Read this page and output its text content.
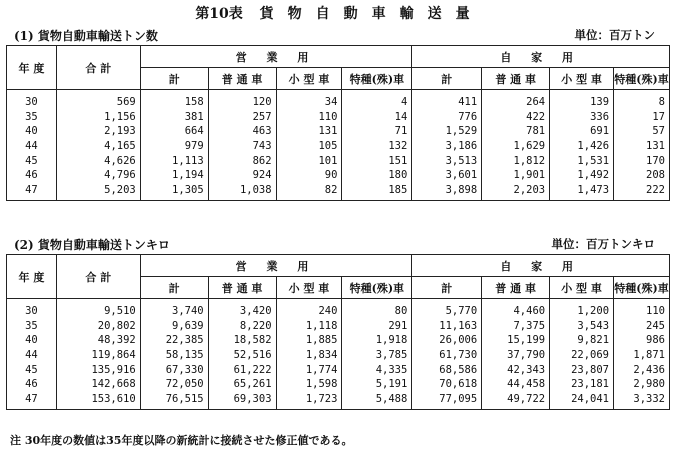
第10表 貨物自動車輸送量
(1) 貨物自動車輸送トン数	単位：百万トン
年 度	合 計	営 業 用				自 家 用			
		計	普 通 車	小 型 車	特種(殊)車	計	普 通 車	小 型 車	特種(殊)車
30	569	158	120	34	4	411	264	139	8
35	1,156	381	257	110	14	776	422	336	17
40	2,193	664	463	131	71	1,529	781	691	57
44	4,165	979	743	105	132	3,186	1,629	1,426	131
45	4,626	1,113	862	101	151	3,513	1,812	1,531	170
46	4,796	1,194	924	90	180	3,601	1,901	1,492	208
47	5,203	1,305	1,038	82	185	3,898	2,203	1,473	222
(2) 貨物自動車輸送トンキロ	単位：百万トンキロ
年 度	合 計	営 業 用				自 家 用			
		計	普 通 車	小 型 車	特種(殊)車	計	普 通 車	小 型 車	特種(殊)車
30	9,510	3,740	3,420	240	80	5,770	4,460	1,200	110
35	20,802	9,639	8,220	1,118	291	11,163	7,375	3,543	245
40	48,392	22,385	18,582	1,885	1,918	26,006	15,199	9,821	986
44	119,864	58,135	52,516	1,834	3,785	61,730	37,790	22,069	1,871
45	135,916	67,330	61,222	1,774	4,335	68,586	42,343	23,807	2,436
46	142,668	72,050	65,261	1,598	5,191	70,618	44,458	23,181	2,980
47	153,610	76,515	69,303	1,723	5,488	77,095	49,722	24,041	3,332
注 30年度の数値は35年度以降の新統計に接続させた修正値である。
